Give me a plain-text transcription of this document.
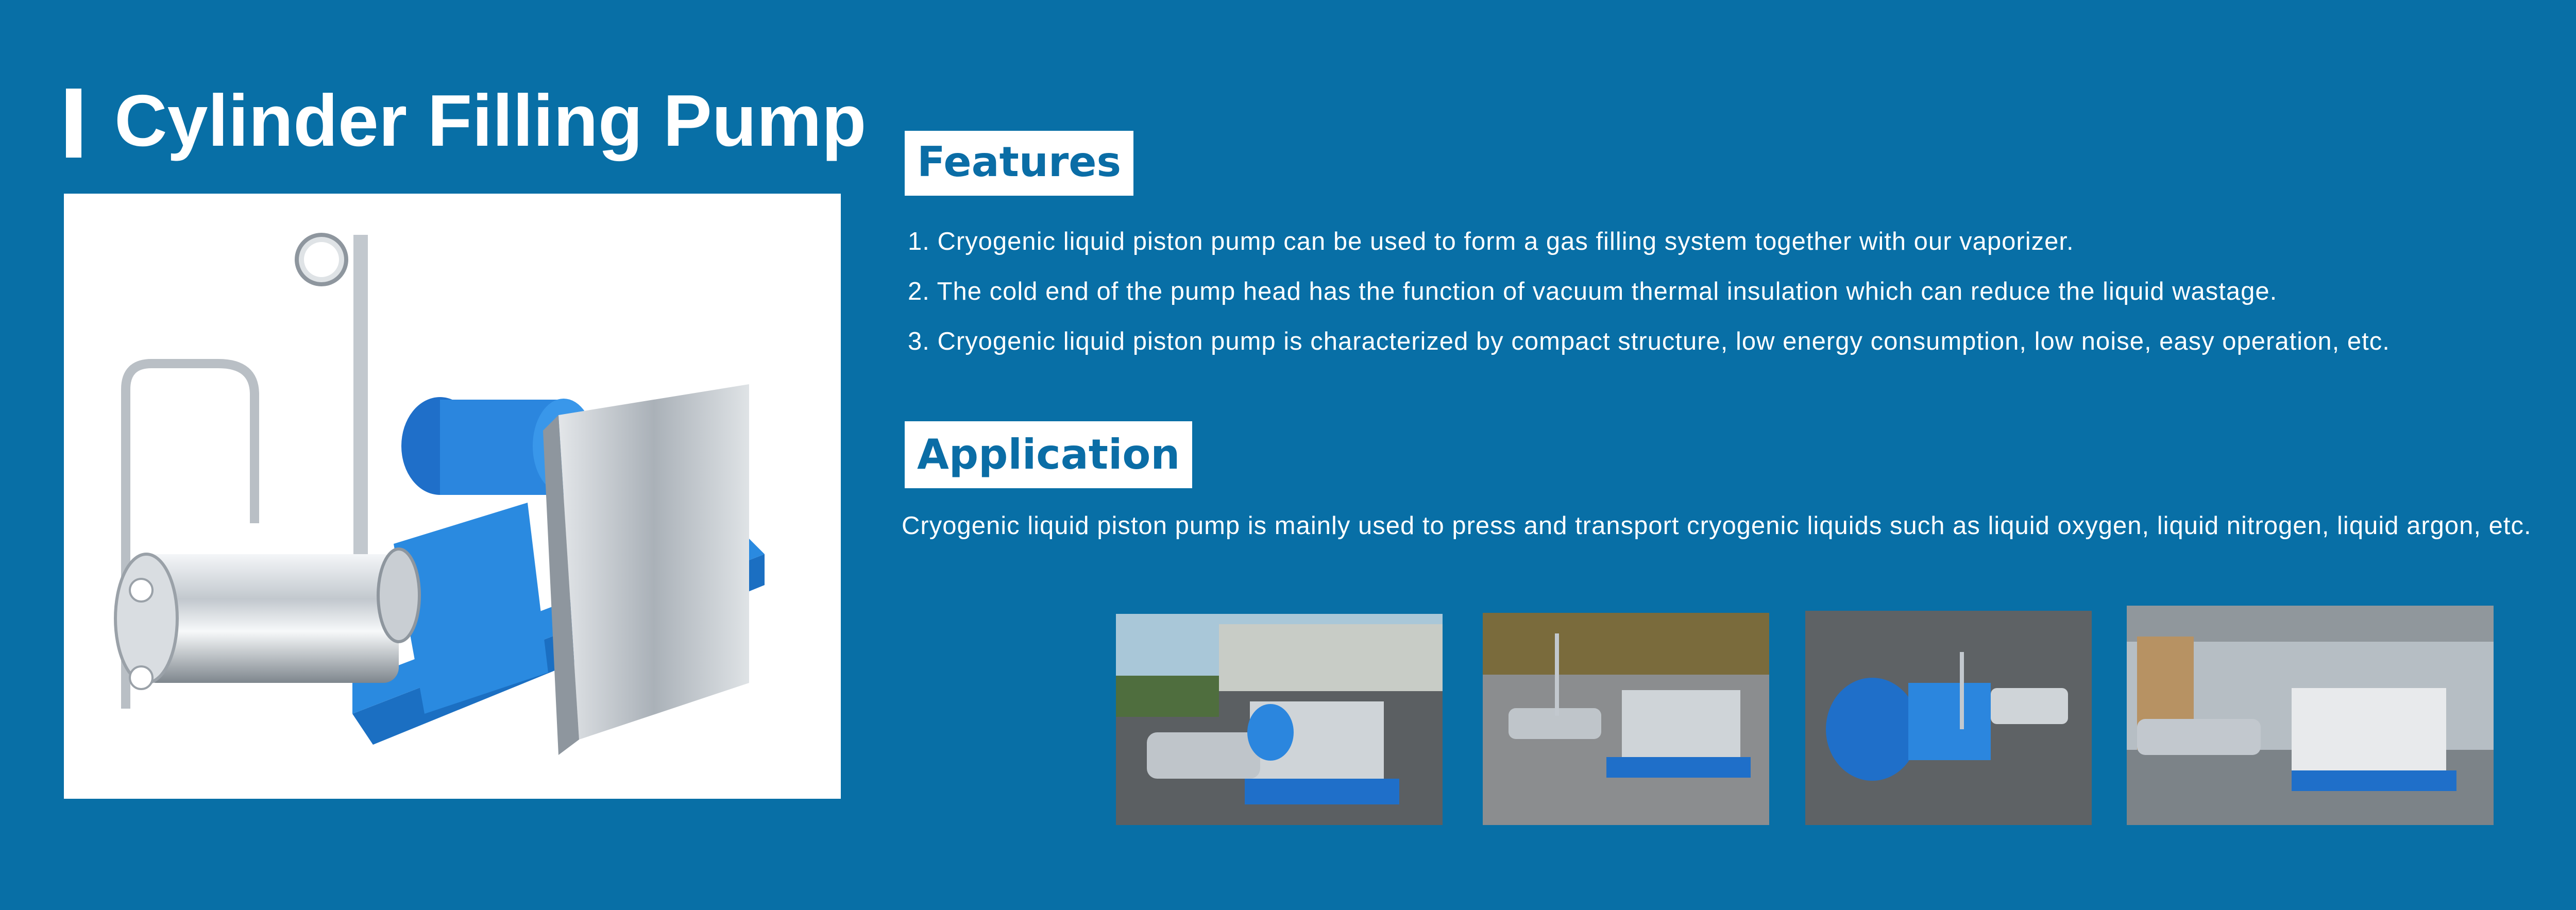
Cylinder Filling Pump
Features
1. Cryogenic liquid piston pump can be used to form a gas filling system together with our vaporizer.
2. The cold end of the pump head has the function of vacuum thermal insulation which can reduce the liquid wastage.
3. Cryogenic liquid piston pump is characterized by compact structure, low energy consumption, low noise, easy operation, etc.
Application
Cryogenic liquid piston pump is mainly used to press and transport cryogenic liquids such as liquid oxygen, liquid nitrogen, liquid argon, etc.
